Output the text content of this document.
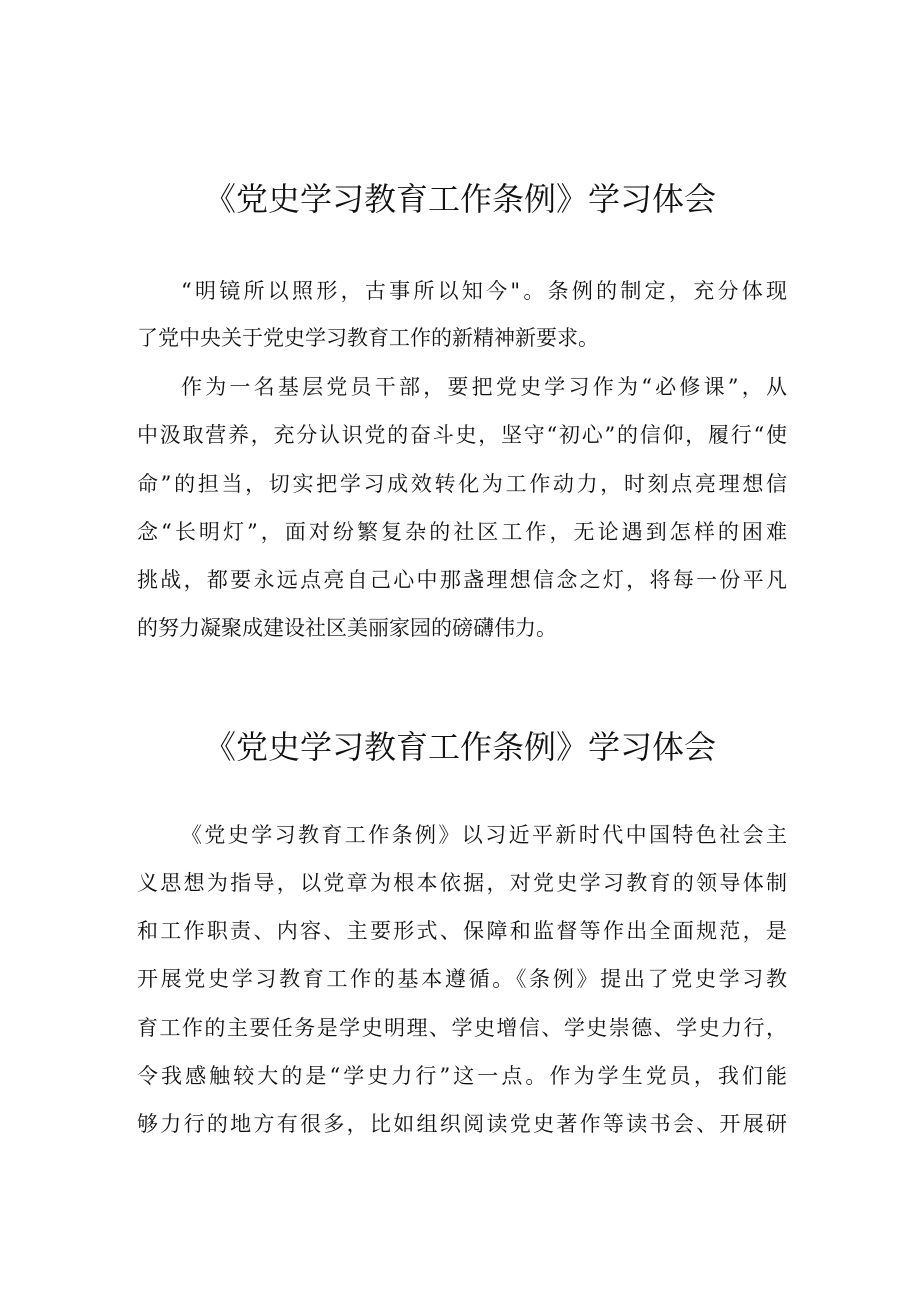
《党史学习教育工作条例》学习体会
“明镜所以照形，古事所以知今"。条例的制定，充分体现
了党中央关于党史学习教育工作的新精神新要求。
作为一名基层党员干部，要把党史学习作为“必修课”，从
中汲取营养，充分认识党的奋斗史，坚守“初心”的信仰，履行“使
命”的担当，切实把学习成效转化为工作动力，时刻点亮理想信
念“长明灯”，面对纷繁复杂的社区工作，无论遇到怎样的困难
挑战，都要永远点亮自己心中那盏理想信念之灯，将每一份平凡
的努力凝聚成建设社区美丽家园的磅礴伟力。
《党史学习教育工作条例》学习体会
《党史学习教育工作条例》以习近平新时代中国特色社会主
义思想为指导，以党章为根本依据，对党史学习教育的领导体制
和工作职责、内容、主要形式、保障和监督等作出全面规范，是
开展党史学习教育工作的基本遵循。《条例》提出了党史学习教
育工作的主要任务是学史明理、学史增信、学史崇德、学史力行，
令我感触较大的是“学史力行”这一点。作为学生党员，我们能
够力行的地方有很多，比如组织阅读党史著作等读书会、开展研
